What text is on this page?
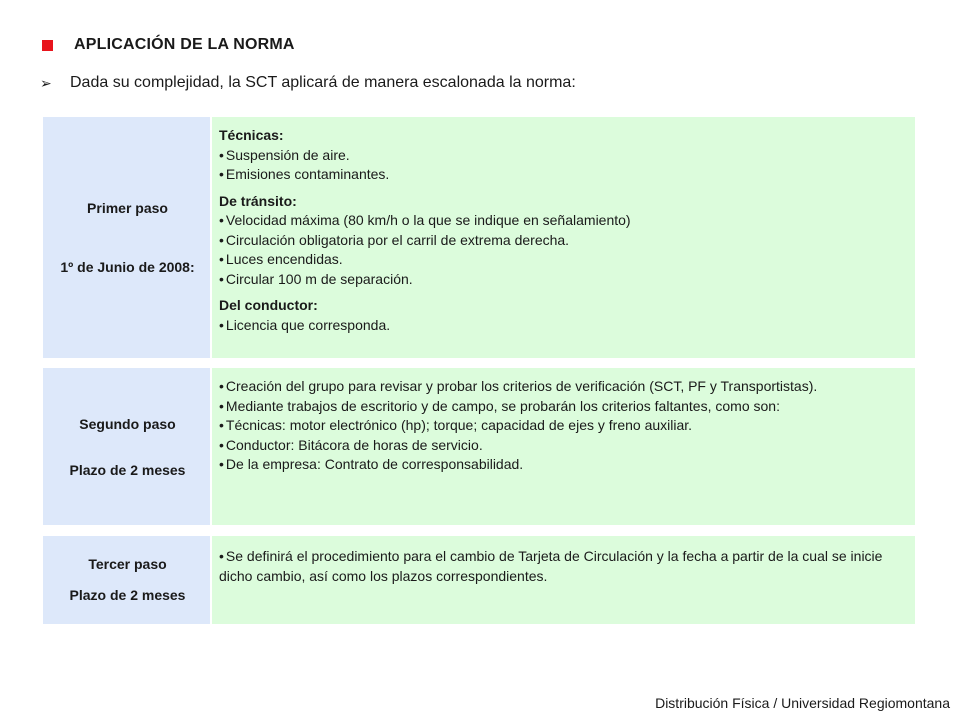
APLICACIÓN DE LA NORMA
➢	Dada su complejidad, la SCT aplicará de manera escalonada la norma:
Primer paso
1º de Junio de 2008:
Técnicas:
• Suspensión de aire.
• Emisiones contaminantes.
De tránsito:
• Velocidad máxima (80 km/h o la que se indique en señalamiento)
• Circulación obligatoria por el carril de extrema derecha.
• Luces encendidas.
• Circular 100 m de separación.
Del conductor:
• Licencia que corresponda.
Segundo paso
Plazo de 2 meses
• Creación del grupo para revisar y probar los criterios de verificación (SCT, PF y Transportistas).
• Mediante trabajos de escritorio y de campo, se probarán los criterios faltantes, como son:
• Técnicas: motor electrónico (hp); torque; capacidad de ejes y freno auxiliar.
• Conductor: Bitácora de horas de servicio.
• De la empresa: Contrato de corresponsabilidad.
Tercer paso
Plazo de 2 meses
• Se definirá el procedimiento para el cambio de Tarjeta de Circulación y la fecha a partir de la cual se inicie dicho cambio, así como los plazos correspondientes.
Distribución Física / Universidad Regiomontana
